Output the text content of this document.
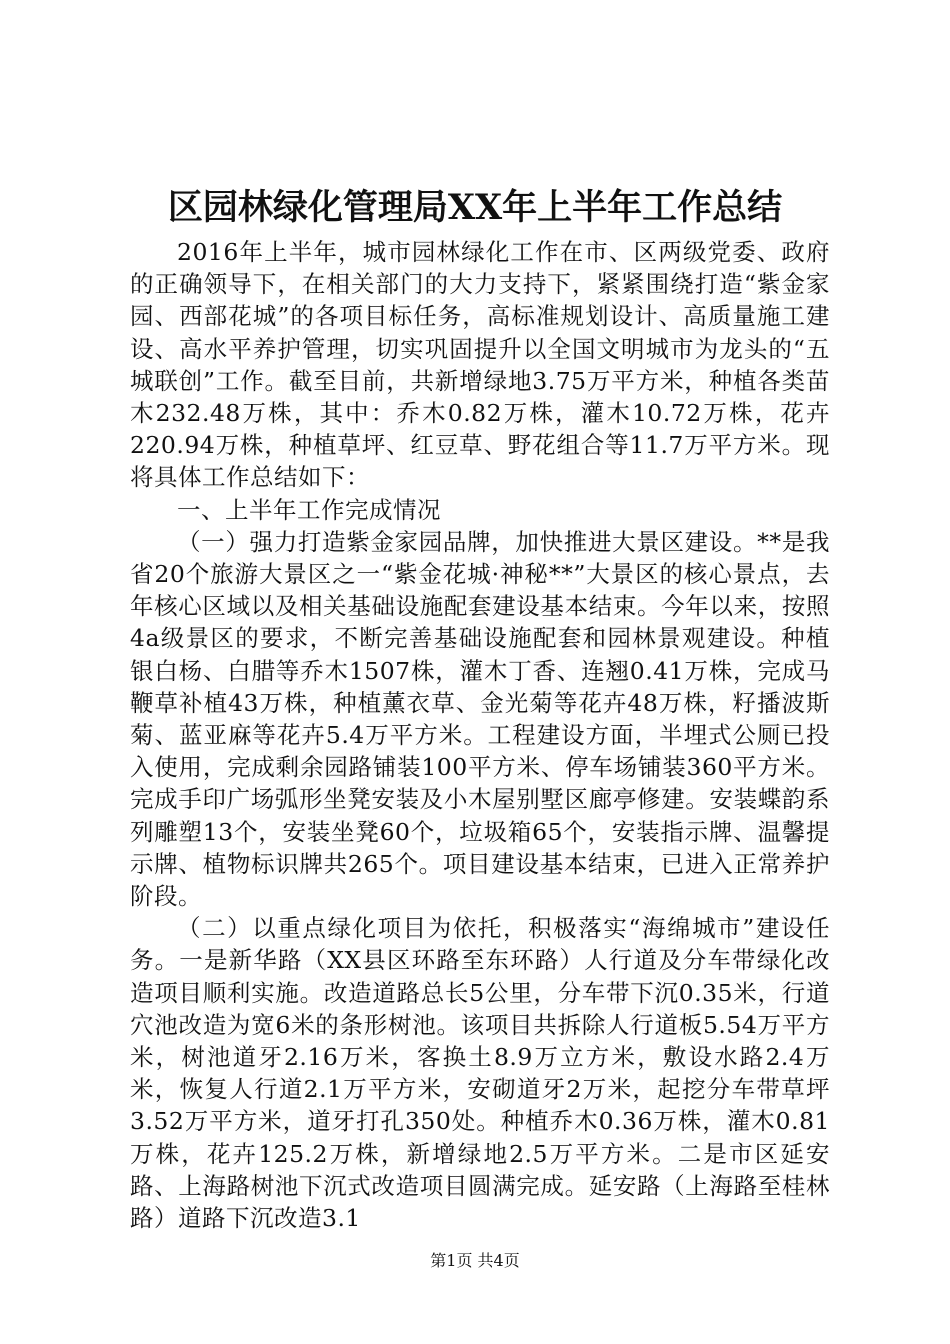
区园林绿化管理局XX年上半年工作总结

2016年上半年，城市园林绿化工作在市、区两级党委、政府的正确领导下，在相关部门的大力支持下，紧紧围绕打造“紫金家园、西部花城”的各项目标任务，高标准规划设计、高质量施工建设、高水平养护管理，切实巩固提升以全国文明城市为龙头的“五城联创”工作。截至目前，共新增绿地3.75万平方米，种植各类苗木232.48万株，其中：乔木0.82万株，灌木10.72万株，花卉220.94万株，种植草坪、红豆草、野花组合等11.7万平方米。现将具体工作总结如下：

一、上半年工作完成情况

（一）强力打造紫金家园品牌，加快推进大景区建设。**是我省20个旅游大景区之一“紫金花城·神秘**”大景区的核心景点，去年核心区域以及相关基础设施配套建设基本结束。今年以来，按照4a级景区的要求，不断完善基础设施配套和园林景观建设。种植银白杨、白腊等乔木1507株，灌木丁香、连翘0.41万株，完成马鞭草补植43万株，种植薰衣草、金光菊等花卉48万株，籽播波斯菊、蓝亚麻等花卉5.4万平方米。工程建设方面，半埋式公厕已投入使用，完成剩余园路铺装100平方米、停车场铺装360平方米。完成手印广场弧形坐凳安装及小木屋别墅区廊亭修建。安装蝶韵系列雕塑13个，安装坐凳60个，垃圾箱65个，安装指示牌、温馨提示牌、植物标识牌共265个。项目建设基本结束，已进入正常养护阶段。

（二）以重点绿化项目为依托，积极落实“海绵城市”建设任务。一是新华路（XX县区环路至东环路）人行道及分车带绿化改造项目顺利实施。改造道路总长5公里，分车带下沉0.35米，行道穴池改造为宽6米的条形树池。该项目共拆除人行道板5.54万平方米，树池道牙2.16万米，客换土8.9万立方米，敷设水路2.4万米，恢复人行道2.1万平方米，安砌道牙2万米，起挖分车带草坪3.52万平方米，道牙打孔350处。种植乔木0.36万株，灌木0.81万株，花卉125.2万株，新增绿地2.5万平方米。二是市区延安路、上海路树池下沉式改造项目圆满完成。延安路（上海路至桂林路）道路下沉改造3.1

第1页 共4页
